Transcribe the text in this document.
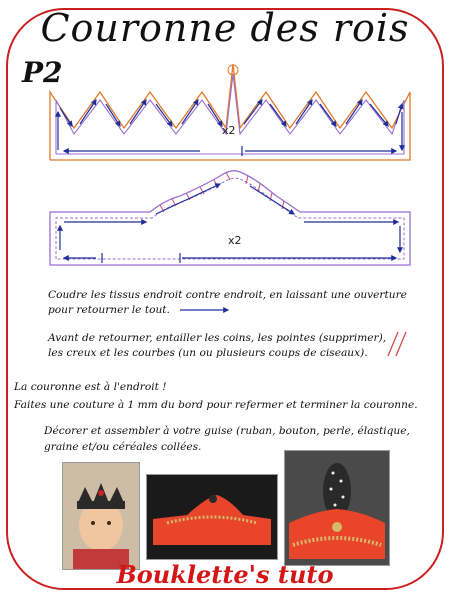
Couronne des rois
P2
x2
x2
Coudre les tissus endroit contre endroit, en laissant une ouverture
pour retourner le tout.
Avant de retourner, entailler les coins, les pointes (supprimer),
les creux et les courbes (un ou plusieurs coups de ciseaux).
La couronne est à l'endroit !
Faites une couture à 1 mm du bord pour refermer et terminer la couronne.
Décorer et assembler à votre guise (ruban, bouton, perle, élastique,
graine et/ou céréales collées.
Bouklette's tuto
